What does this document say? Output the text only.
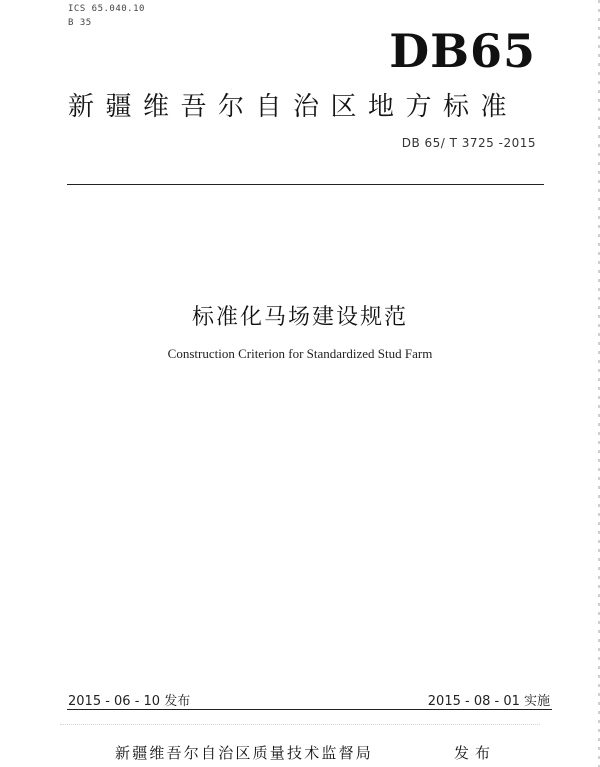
ICS 65.040.10
B 35
DB65
新疆维吾尔自治区地方标准
DB 65/ T 3725 -2015
标准化马场建设规范
Construction Criterion for Standardized Stud Farm
2015 - 06 - 10 发布	2015 - 08 - 01 实施
新疆维吾尔自治区质量技术监督局	发布
